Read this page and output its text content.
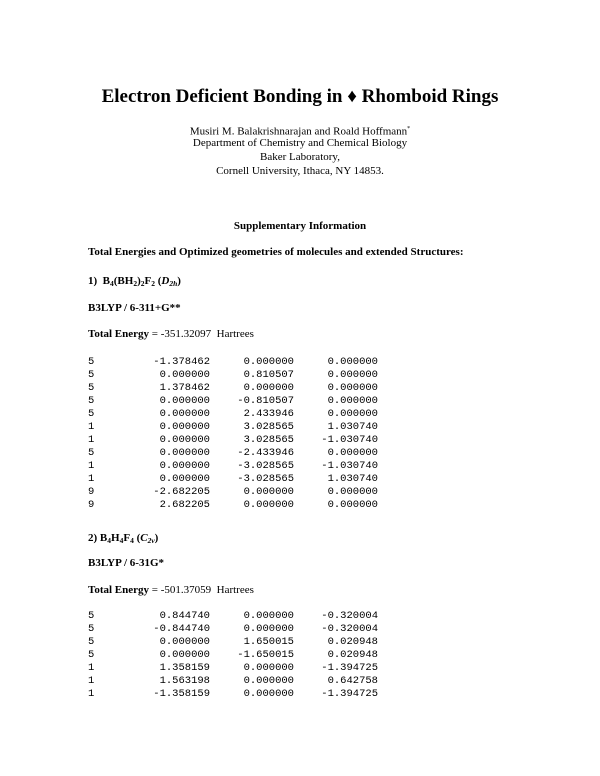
Electron Deficient Bonding in ♦ Rhomboid Rings
Musiri M. Balakrishnarajan and Roald Hoffmann*
Department of Chemistry and Chemical Biology
Baker Laboratory,
Cornell University, Ithaca, NY 14853.
Supplementary Information
Total Energies and Optimized geometries of molecules and extended Structures:
1) $B_4(BH_2)_2F_2$ $(D_{2h})$
B3LYP / 6-311+G**
Total Energy = -351.32097 Hartrees
5	-1.378462	0.000000	0.000000
5	0.000000	0.810507	0.000000
5	1.378462	0.000000	0.000000
5	0.000000	-0.810507	0.000000
5	0.000000	2.433946	0.000000
1	0.000000	3.028565	1.030740
1	0.000000	3.028565	-1.030740
5	0.000000	-2.433946	0.000000
1	0.000000	-3.028565	-1.030740
1	0.000000	-3.028565	1.030740
9	-2.682205	0.000000	0.000000
9	2.682205	0.000000	0.000000
2) $B_4H_4F_4$ $(C_{2v})$
B3LYP / 6-31G*
Total Energy = -501.37059 Hartrees
5	0.844740	0.000000	-0.320004
5	-0.844740	0.000000	-0.320004
5	0.000000	1.650015	0.020948
5	0.000000	-1.650015	0.020948
1	1.358159	0.000000	-1.394725
1	1.563198	0.000000	0.642758
1	-1.358159	0.000000	-1.394725
